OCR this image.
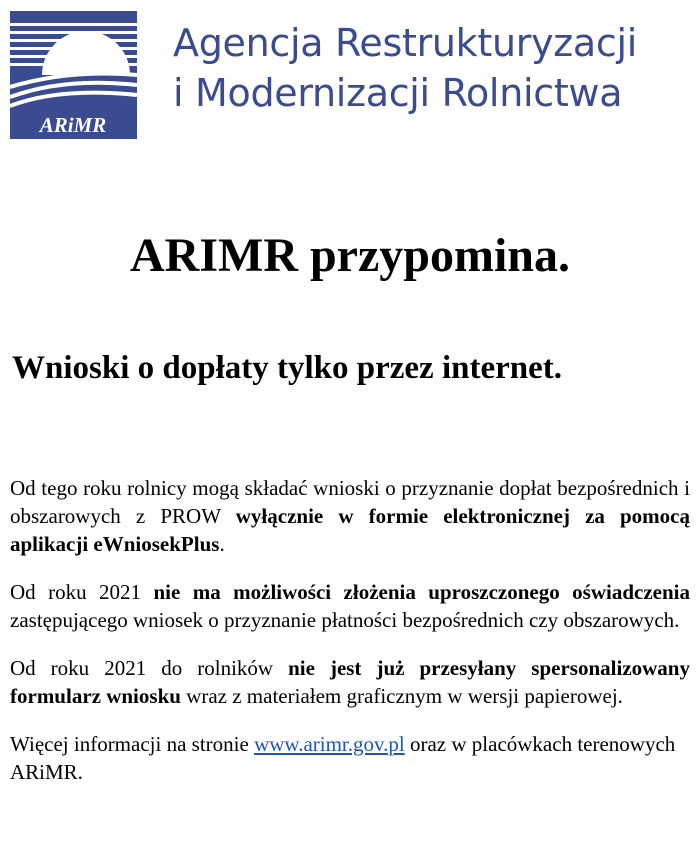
ARiMR
Agencja Restrukturyzacji
i Modernizacji Rolnictwa
ARIMR przypomina.
Wnioski o dopłaty tylko przez internet.

Od tego roku rolnicy mogą składać wnioski o przyznanie dopłat bezpośrednich i obszarowych z PROW wyłącznie w formie elektronicznej za pomocą aplikacji eWniosekPlus.

Od roku 2021 nie ma możliwości złożenia uproszczonego oświadczenia zastępującego wniosek o przyznanie płatności bezpośrednich czy obszarowych.

Od roku 2021 do rolników nie jest już przesyłany spersonalizowany formularz wniosku wraz z materiałem graficznym w wersji papierowej.

Więcej informacji na stronie www.arimr.gov.pl oraz w placówkach terenowych ARiMR.
